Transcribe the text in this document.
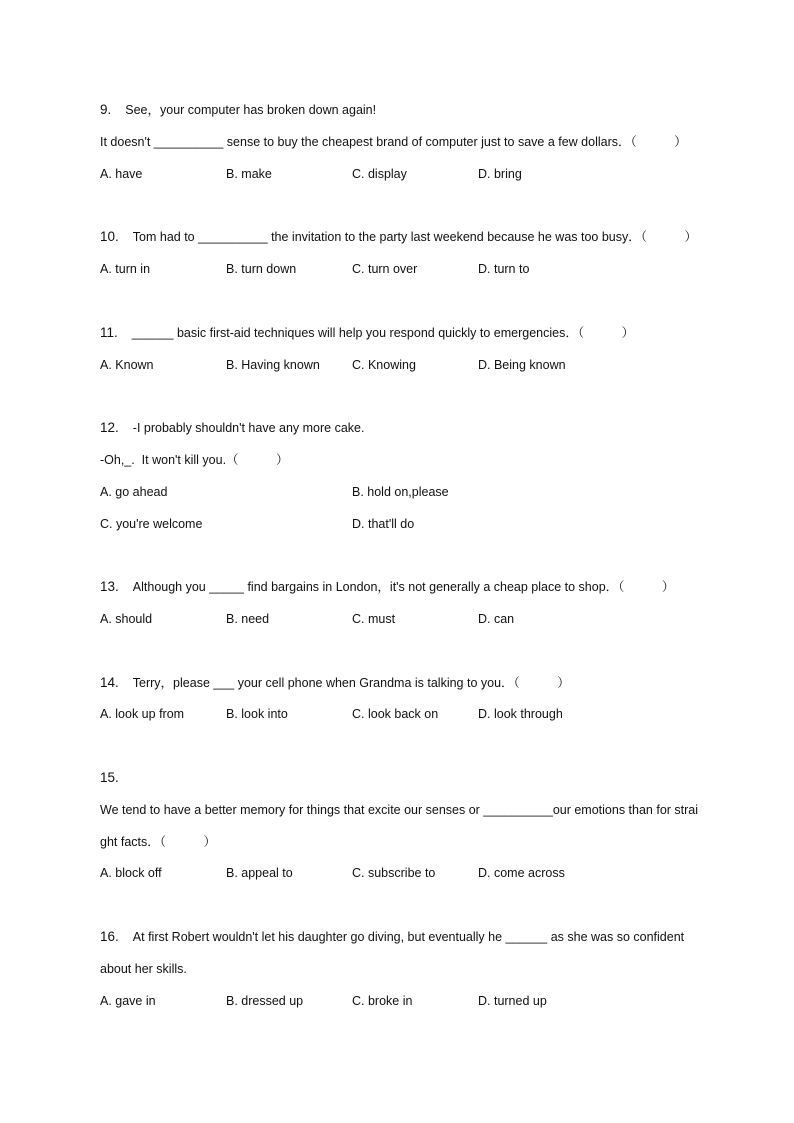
9. See，your computer has broken down again!
It doesn't __________ sense to buy the cheapest brand of computer just to save a few dollars．（　　　）
A. have	B. make	C. display	D. bring
10. Tom had to __________ the invitation to the party last weekend because he was too busy．（　　　）
A. turn in	B. turn down	C. turn over	D. turn to
11. ______ basic first-aid techniques will help you respond quickly to emergencies．（　　　）
A. Known	B. Having known	C. Knowing	D. Being known
12. -I probably shouldn't have any more cake.
-Oh,_.  It won't kill you.（　　　）
A. go ahead	B. hold on,please
C. you're welcome	D. that'll do
13. Although you _____ find bargains in London，it's not generally a cheap place to shop．（　　　）
A. should	B. need	C. must	D. can
14. Terry，please ___ your cell phone when Grandma is talking to you．（　　　）
A. look up from	B. look into	C. look back on	D. look through
15.
We tend to have a better memory for things that excite our senses or __________our emotions than for strai
ght facts．（　　　）
A. block off	B. appeal to	C. subscribe to	D. come across
16. At first Robert wouldn't let his daughter go diving, but eventually he ______ as she was so confident
about her skills.
A. gave in	B. dressed up	C. broke in	D. turned up
